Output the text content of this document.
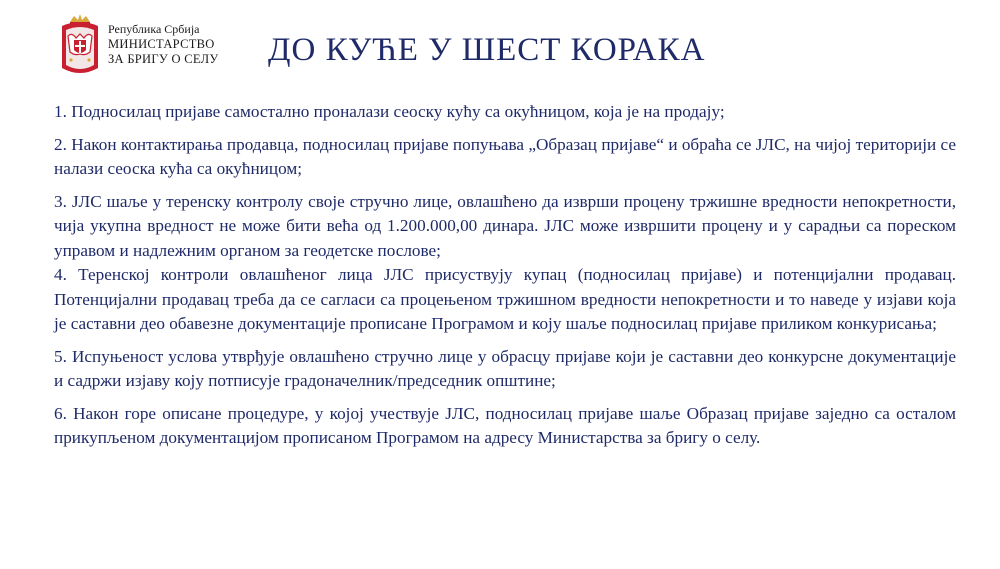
Република Србија
МИНИСТАРСТВО
ЗА БРИГУ О СЕЛУ ДО КУЋЕ У ШЕСТ КОРАКА

1. Подносилац пријаве самостално проналази сеоску кућу са окућницом, која је на продају;

2. Након контактирања продавца, подносилац пријаве попуњава „Образац пријаве“ и обраћа се ЈЛС, на чијој територији се налази сеоска кућа са окућницом;

3. ЈЛС шаље у теренску контролу своје стручно лице, овлашћено да изврши процену тржишне вредности непокретности, чија укупна вредност не може бити већа од 1.200.000,00 динара. ЈЛС може извршити процену и у сарадњи са пореском управом и надлежним органом за геодетске послове;

4. Теренској контроли овлашћеног лица ЈЛС присуствују купац (подносилац пријаве) и потенцијални продавац. Потенцијални продавац треба да се сагласи са процењеном тржишном вредности непокретности и то наведе у изјави која је саставни део обавезне документације прописане Програмом и коју шаље подносилац пријаве приликом конкурисања;

5. Испуњеност услова утврђује овлашћено стручно лице у обрасцу пријаве који је саставни део конкурсне документације и садржи изјаву коју потписује градоначелник/председник општине;

6. Након горе описане процедуре, у којој учествује ЈЛС, подносилац пријаве шаље Образац пријаве заједно са осталом прикупљеном документацијом прописаном Програмом на адресу Министарства за бригу о селу.
